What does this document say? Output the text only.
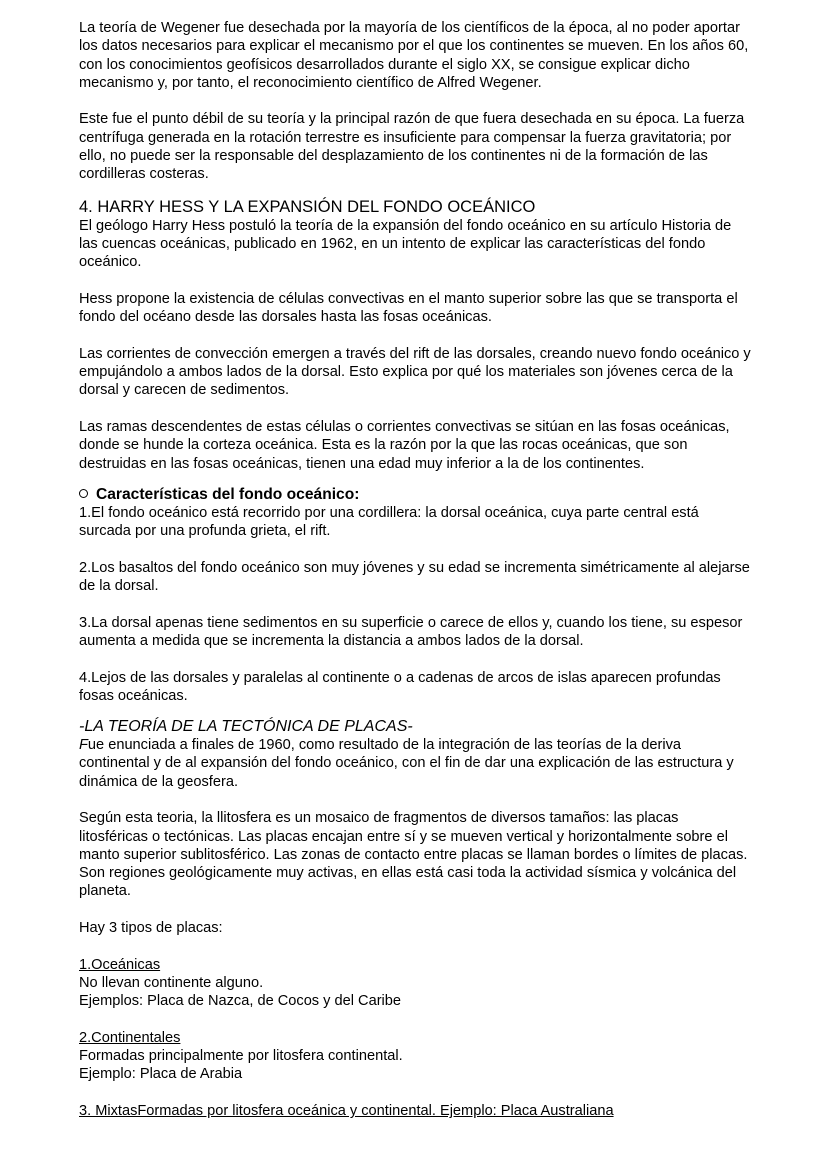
La teoría de Wegener fue desechada por la mayoría de los científicos de la época, al no poder aportar los datos necesarios para explicar el mecanismo por el que los continentes se mueven. En los años 60, con los conocimientos geofísicos desarrollados durante el siglo XX, se consigue explicar dicho mecanismo y, por tanto, el reconocimiento científico de Alfred Wegener.

Este fue el punto débil de su teoría y la principal razón de que fuera desechada en su época. La fuerza centrífuga generada en la rotación terrestre es insuficiente para compensar la fuerza gravitatoria; por ello, no puede ser la responsable del desplazamiento de los continentes ni de la formación de las cordilleras costeras.

4. HARRY HESS Y LA EXPANSIÓN DEL FONDO OCEÁNICO

El geólogo Harry Hess postuló la teoría de la expansión del fondo oceánico en su artículo Historia de las cuencas oceánicas, publicado en 1962, en un intento de explicar las características del fondo oceánico.

Hess propone la existencia de células convectivas en el manto superior sobre las que se transporta el fondo del océano desde las dorsales hasta las fosas oceánicas.

Las corrientes de convección emergen a través del rift de las dorsales, creando nuevo fondo oceánico y empujándolo a ambos lados de la dorsal. Esto explica por qué los materiales son jóvenes cerca de la dorsal y carecen de sedimentos.

Las ramas descendentes de estas células o corrientes convectivas se sitúan en las fosas oceánicas, donde se hunde la corteza oceánica. Esta es la razón por la que las rocas oceánicas, que son destruidas en las fosas oceánicas, tienen una edad muy inferior a la de los continentes.

Características del fondo oceánico:

1.El fondo oceánico está recorrido por una cordillera: la dorsal oceánica, cuya parte central está surcada por una profunda grieta, el rift.

2.Los basaltos del fondo oceánico son muy jóvenes y su edad se incrementa simétricamente al alejarse de la dorsal.

3.La dorsal apenas tiene sedimentos en su superficie o carece de ellos y, cuando los tiene, su espesor aumenta a medida que se incrementa la distancia a ambos lados de la dorsal.

4.Lejos de las dorsales y paralelas al continente o a cadenas de arcos de islas aparecen profundas fosas oceánicas.

-LA TEORÍA DE LA TECTÓNICA DE PLACAS-

Fue enunciada a finales de 1960, como resultado de la integración de las teorías de la deriva continental y de al expansión del fondo oceánico, con el fin de dar una explicación de las estructura y dinámica de la geosfera.

Según esta teoria, la llitosfera es un mosaico de fragmentos de diversos tamaños: las placas litosféricas o tectónicas. Las placas encajan entre sí y se mueven vertical y horizontalmente sobre el manto superior sublitosférico. Las zonas de contacto entre placas se llaman bordes o límites de placas. Son regiones geológicamente muy activas, en ellas está casi toda la actividad sísmica y volcánica del planeta.

Hay 3 tipos de placas:

1.Oceánicas

No llevan continente alguno.

Ejemplos: Placa de Nazca, de Cocos y del Caribe

2.Continentales

Formadas principalmente por litosfera continental.

Ejemplo: Placa de Arabia

3. MixtasFormadas por litosfera oceánica y continental. Ejemplo: Placa Australiana
